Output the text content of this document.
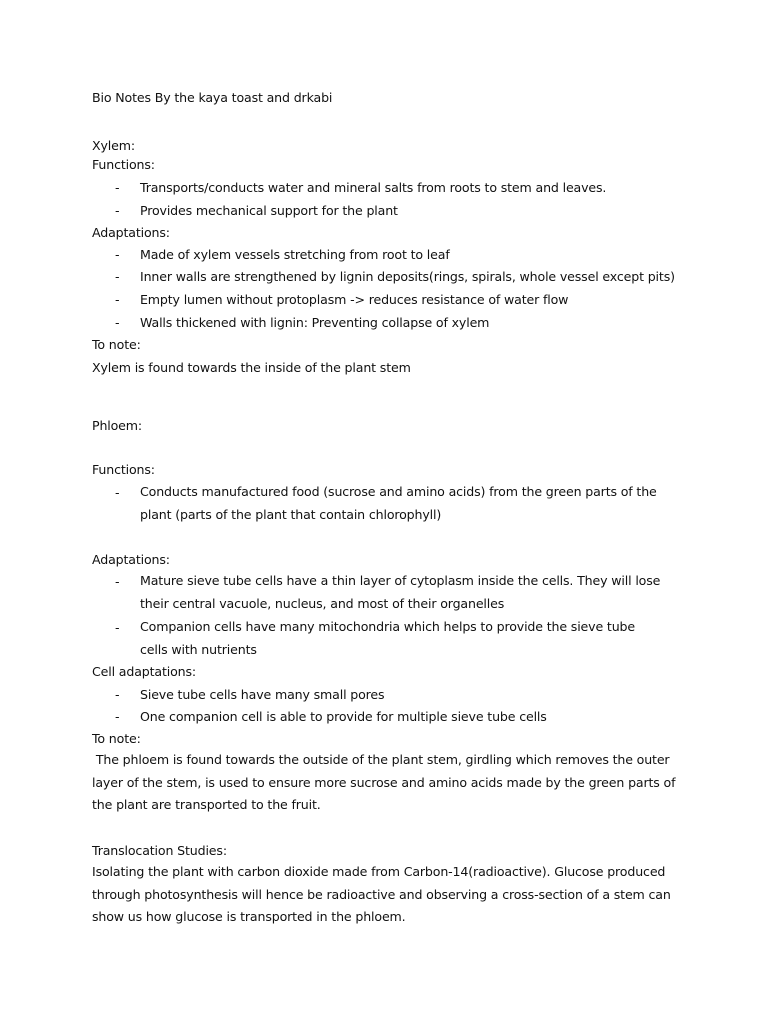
Bio Notes By the kaya toast and drkabi
Xylem:
Functions:
- Transports/conducts water and mineral salts from roots to stem and leaves.
- Provides mechanical support for the plant
Adaptations:
- Made of xylem vessels stretching from root to leaf
- Inner walls are strengthened by lignin deposits(rings, spirals, whole vessel except pits)
- Empty lumen without protoplasm -> reduces resistance of water flow
- Walls thickened with lignin: Preventing collapse of xylem
To note:
Xylem is found towards the inside of the plant stem
Phloem:
Functions:
- Conducts manufactured food (sucrose and amino acids) from the green parts of the plant (parts of the plant that contain chlorophyll)
Adaptations:
- Mature sieve tube cells have a thin layer of cytoplasm inside the cells. They will lose their central vacuole, nucleus, and most of their organelles
- Companion cells have many mitochondria which helps to provide the sieve tube cells with nutrients
Cell adaptations:
- Sieve tube cells have many small pores
- One companion cell is able to provide for multiple sieve tube cells
To note:
The phloem is found towards the outside of the plant stem, girdling which removes the outer layer of the stem, is used to ensure more sucrose and amino acids made by the green parts of the plant are transported to the fruit.
Translocation Studies:
Isolating the plant with carbon dioxide made from Carbon-14(radioactive). Glucose produced through photosynthesis will hence be radioactive and observing a cross-section of a stem can show us how glucose is transported in the phloem.
